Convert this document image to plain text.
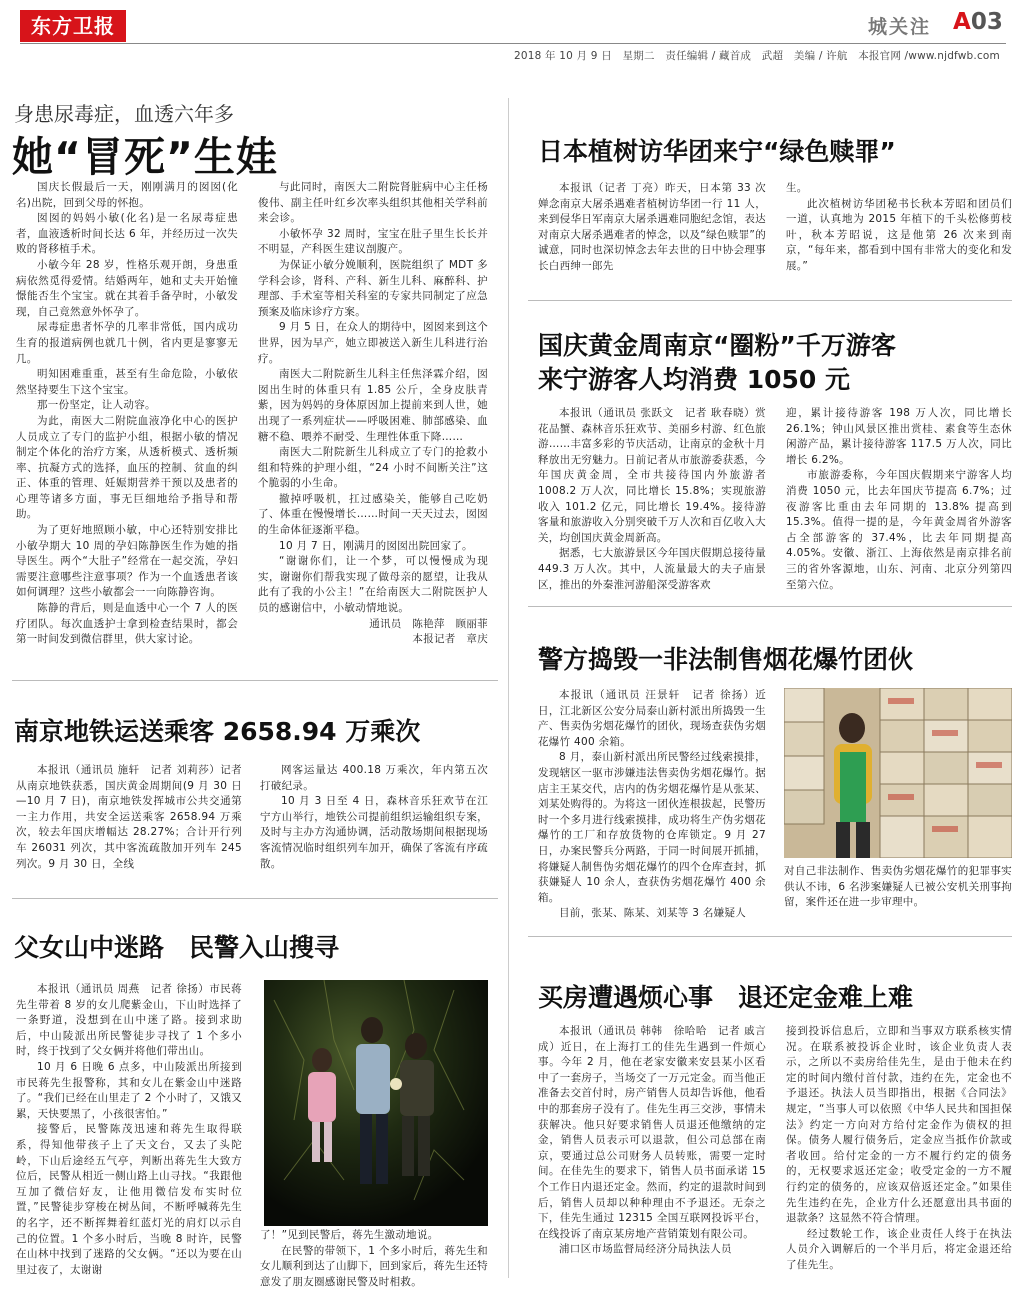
东方卫报	城关注 A03
2018 年 10 月 9 日　星期二　责任编辑 / 藏首成　武超　美编 / 许航　本报官网 /www.njdfwb.com
身患尿毒症，血透六年多
她“冒死”生娃

国庆长假最后一天，刚刚满月的囡囡(化名)出院，回到父母的怀抱。

囡囡的妈妈小敏(化名)是一名尿毒症患者，血液透析时间长达 6 年，并经历过一次失败的肾移植手术。

小敏今年 28 岁，性格乐观开朗，身患重病依然觅得爱情。结婚两年，她和丈夫开始憧憬能否生个宝宝。就在其着手备孕时，小敏发现，自己竟然意外怀孕了。

尿毒症患者怀孕的几率非常低，国内成功生育的报道病例也就几十例，省内更是寥寥无几。

明知困难重重，甚至有生命危险，小敏依然坚持要生下这个宝宝。

那一份坚定，让人动容。

为此，南医大二附院血液净化中心的医护人员成立了专门的监护小组，根据小敏的情况制定个体化的治疗方案，从透析模式、透析频率、抗凝方式的选择，血压的控制、贫血的纠正、体重的管理、妊娠期营养干预以及患者的心理等诸多方面，事无巨细地给予指导和帮助。

为了更好地照顾小敏，中心还特别安排比小敏孕期大 10 周的孕妇陈静医生作为她的指导医生。两个“大肚子”经常在一起交流，孕妇需要注意哪些注意事项？作为一个血透患者该如何调理？这些小敏都会一一向陈静咨询。

陈静的背后，则是血透中心一个 7 人的医疗团队。每次血透护士拿到检查结果时，都会第一时间发到微信群里，供大家讨论。

与此同时，南医大二附院肾脏病中心主任杨俊伟、副主任叶红乡次率头组织其他相关学科前来会诊。

小敏怀孕 32 周时，宝宝在肚子里生长长并不明显，产科医生建议剖腹产。

为保证小敏分娩顺利，医院组织了 MDT 多学科会诊，肾科、产科、新生儿科、麻醉科、护理部、手术室等相关科室的专家共同制定了应急预案及临床诊疗方案。

9 月 5 日，在众人的期待中，囡囡来到这个世界，因为早产，她立即被送入新生儿科进行治疗。

南医大二附院新生儿科主任焦泽霖介绍，囡囡出生时的体重只有 1.85 公斤，全身皮肤青紫，因为妈妈的身体原因加上提前来到人世，她出现了一系列症状——呼吸困难、肺部感染、血糖不稳、喂养不耐受、生理性体重下降……

南医大二附院新生儿科成立了专门的抢救小组和特殊的护理小组，“24 小时不间断关注”这个脆弱的小生命。

撤掉呼吸机，扛过感染关，能够自己吃奶了、体重在慢慢增长……时间一天天过去，囡囡的生命体征逐渐平稳。

10 月 7 日，刚满月的囡囡出院回家了。

“谢谢你们，让一个梦，可以慢慢成为现实，谢谢你们帮我实现了做母亲的愿望，让我从此有了我的小公主！”在给南医大二附院医护人员的感谢信中，小敏动情地说。

通讯员　陈艳萍　顾丽菲

本报记者　章庆

南京地铁运送乘客 2658.94 万乘次

本报讯（通讯员 施轩　记者 刘莉莎）记者从南京地铁获悉，国庆黄金周期间(9 月 30 日—10 月 7 日)，南京地铁发挥城市公共交通第一主力作用，共安全运送乘客 2658.94 万乘次，较去年国庆增幅达 28.27%；合计开行列车 26031 列次，其中客流疏散加开列车 245 列次。9 月 30 日，全线

网客运量达 400.18 万乘次，年内第五次打破纪录。

10 月 3 日至 4 日，森林音乐狂欢节在江宁方山举行，地铁公司提前组织运输组织专案，及时与主办方沟通协调，活动散场期间根据现场客流情况临时组织列车加开，确保了客流有序疏散。

父女山中迷路　民警入山搜寻

本报讯（通讯员 周燕　记者 徐扬）市民蒋先生带着 8 岁的女儿爬紫金山，下山时选择了一条野道，没想到在山中迷了路。接到求助后，中山陵派出所民警徒步寻找了 1 个多小时，终于找到了父女俩并将他们带出山。

10 月 6 日晚 6 点多，中山陵派出所接到市民蒋先生报警称，其和女儿在紫金山中迷路了。“我们已经在山里走了 2 个小时了，又饿又累，天快要黑了，小孩很害怕。”

接警后，民警陈茂迅速和蒋先生取得联系，得知他带孩子上了天文台，又去了头陀岭，下山后途经五气亭，判断出蒋先生大致方位后，民警从相近一侧山路上山寻找。“我跟他互加了微信好友，让他用微信发布实时位置，”民警徒步穿梭在树丛间，不断呼喊蒋先生的名字，还不断挥舞着红蓝灯光的肩灯以示自己的位置。1 个多小时后，当晚 8 时许，民警在山林中找到了迷路的父女俩。“还以为要在山里过夜了，太谢谢

了！”见到民警后，蒋先生激动地说。

在民警的带领下，1 个多小时后，蒋先生和女儿顺利到达了山脚下，回到家后，蒋先生还特意发了朋友圈感谢民警及时相救。

日本植树访华团来宁“绿色赎罪”

本报讯（记者 丁亮）昨天，日本第 33 次婵念南京大屠杀遇难者植树访华团一行 11 人，来到侵华日军南京大屠杀遇难同胞纪念馆，表达对南京大屠杀遇难者的悼念，以及“绿色赎罪”的诚意，同时也深切悼念去年去世的日中协会理事长白西绅一郎先

生。

此次植树访华团秘书长秋本芳昭和团员们一道，认真地为 2015 年植下的千头松修剪枝叶，秋本芳昭说，这是他第 26 次来到南京，“每年来，都看到中国有非常大的变化和发展。”

国庆黄金周南京“圈粉”千万游客
来宁游客人均消费 1050 元

本报讯（通讯员 张跃文　记者 耿春晓）赏花品蟹、森林音乐狂欢节、美丽乡村游、红色旅游……丰富多彩的节庆活动，让南京的金秋十月释放出无穷魅力。日前记者从市旅游委获悉，今年国庆黄金周，全市共接待国内外旅游者 1008.2 万人次，同比增长 15.8%；实现旅游收入 101.2 亿元，同比增长 19.4%。接待游客量和旅游收入分别突破千万人次和百亿收入大关，均创国庆黄金周新高。

据悉，七大旅游景区今年国庆假期总接待量 449.3 万人次。其中，人流量最大的夫子庙景区，推出的外秦淮河游船深受游客欢

迎，累计接待游客 198 万人次，同比增长 26.1%；钟山风景区推出赏桂、素食等生态休闲游产品，累计接待游客 117.5 万人次，同比增长 6.2%。

市旅游委称，今年国庆假期来宁游客人均消费 1050 元，比去年国庆节提高 6.7%；过夜游客比重由去年同期的 13.8% 提高到 15.3%。值得一提的是，今年黄金周省外游客占全部游客的 37.4%，比去年同期提高 4.05%。安徽、浙江、上海依然是南京排名前三的省外客源地，山东、河南、北京分列第四至第六位。

警方捣毁一非法制售烟花爆竹团伙

本报讯（通讯员 汪景轩　记者 徐扬）近日，江北新区公安分局泰山新村派出所捣毁一生产、售卖伪劣烟花爆竹的团伙，现场查获伪劣烟花爆竹 400 余箱。

8 月，泰山新村派出所民警经过线索摸排，发现辖区一驱市涉嫌违法售卖伪劣烟花爆竹。据店主王某交代，店内的伪劣烟花爆竹是从张某、刘某处购得的。为将这一团伙连根拔起，民警历时一个多月进行线索摸排，成功将生产伪劣烟花爆竹的工厂和存放货物的仓库锁定。9 月 27 日，办案民警兵分两路，于同一时间展开抓捕，将嫌疑人制售伪劣烟花爆竹的四个仓库查封，抓获嫌疑人 10 余人，查获伪劣烟花爆竹 400 余箱。

目前，张某、陈某、刘某等 3 名嫌疑人

对自己非法制作、售卖伪劣烟花爆竹的犯罪事实供认不讳，6 名涉案嫌疑人已被公安机关刑事拘留，案件还在进一步审理中。

买房遭遇烦心事　退还定金难上难

本报讯（通讯员 韩韩　徐哈哈　记者 戚言成）近日，在上海打工的佳先生遇到一件烦心事。今年 2 月，他在老家安徽来安县某小区看中了一套房子，当场交了一万元定金。而当他正准备去交首付时，房产销售人员却告诉他，他看中的那套房子没有了。佳先生再三交涉，事情未获解决。他只好要求销售人员退还他缴纳的定金，销售人员表示可以退款，但公司总部在南京，要通过总公司财务人员转账，需要一定时间。在佳先生的要求下，销售人员书面承诺 15 个工作日内退还定金。然而，约定的退款时间到后，销售人员却以种种理由不予退还。无奈之下，佳先生通过 12315 全国互联网投诉平台，在线投诉了南京某房地产营销策划有限公司。

浦口区市场监督局经济分局执法人员

接到投诉信息后，立即和当事双方联系核实情况。在联系被投诉企业时，该企业负责人表示，之所以不卖房给佳先生，是由于他未在约定的时间内缴付首付款，违约在先，定金也不予退还。执法人员当即指出，根据《合同法》规定，“当事人可以依照《中华人民共和国担保法》约定一方向对方给付定金作为债权的担保。债务人履行债务后，定金应当抵作价款或者收回。给付定金的一方不履行约定的债务的，无权要求返还定金；收受定金的一方不履行约定的债务的，应该双倍返还定金。”如果佳先生违约在先，企业方什么还愿意出具书面的退款条？这显然不符合情理。

经过数轮工作，该企业责任人终于在执法人员介入调解后的一个半月后，将定金退还给了佳先生。
